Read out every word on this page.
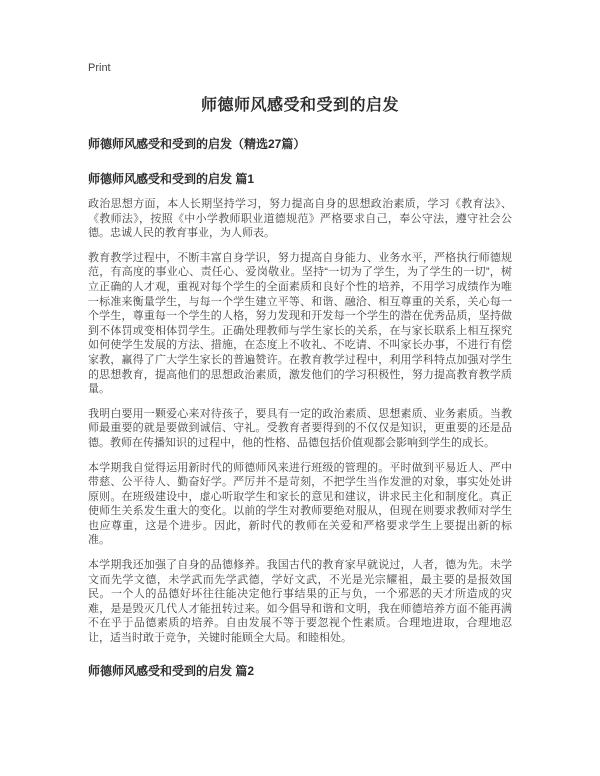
Print
师德师风感受和受到的启发
师德师风感受和受到的启发（精选27篇）
师德师风感受和受到的启发 篇1

政治思想方面，本人长期坚持学习，努力提高自身的思想政治素质，学习《教育法》、《教师法》，按照《中小学教师职业道德规范》严格要求自己，奉公守法，遵守社会公德。忠诚人民的教育事业，为人师表。

教育教学过程中，不断丰富自身学识，努力提高自身能力、业务水平，严格执行师德规范，有高度的事业心、责任心、爱岗敬业。坚持“一切为了学生，为了学生的一切”，树立正确的人才观，重视对每个学生的全面素质和良好个性的培养，不用学习成绩作为唯一标准来衡量学生，与每一个学生建立平等、和谐、融洽、相互尊重的关系，关心每一个学生，尊重每一个学生的人格，努力发现和开发每一个学生的潜在优秀品质，坚持做到不体罚或变相体罚学生。正确处理教师与学生家长的关系，在与家长联系上相互探究如何使学生发展的方法、措施，在态度上不收礼、不吃请、不叫家长办事，不进行有偿家教，赢得了广大学生家长的普遍赞许。在教育教学过程中，利用学科特点加强对学生的思想教育，提高他们的思想政治素质，激发他们的学习积极性，努力提高教育教学质量。

我明白要用一颗爱心来对待孩子，要具有一定的政治素质、思想素质、业务素质。当教师最重要的就是要做到诚信、守礼。受教育者要得到的不仅仅是知识，更重要的还是品德。教师在传播知识的过程中，他的性格、品德包括价值观都会影响到学生的成长。

本学期我自觉得运用新时代的师德师风来进行班级的管理的。平时做到平易近人、严中带慈、公平待人、勤奋好学。严厉并不是苛刻，不把学生当作发泄的对象，事实处处讲原则。在班级建设中，虚心听取学生和家长的意见和建议，讲求民主化和制度化。真正使师生关系发生重大的变化。以前的学生对教师要绝对服从，但现在则要求教师对学生也应尊重，这是个进步。因此，新时代的教师在关爱和严格要求学生上要提出新的标准。

本学期我还加强了自身的品德修养。我国古代的教育家早就说过，人者，德为先。未学文而先学文德，未学武而先学武德，学好文武，不光是光宗耀祖，最主要的是报效国民。一个人的品德好坏往往能决定他行事结果的正与负，一个邪恶的天才所造成的灾难，是是毁灭几代人才能扭转过来。如今倡导和谐和文明，我在师德培养方面不能再满不在乎于品德素质的培养。自由发展不等于要忽视个性素质。合理地进取，合理地忍让，适当时敢于竞争，关键时能顾全大局。和睦相处。

师德师风感受和受到的启发 篇2
